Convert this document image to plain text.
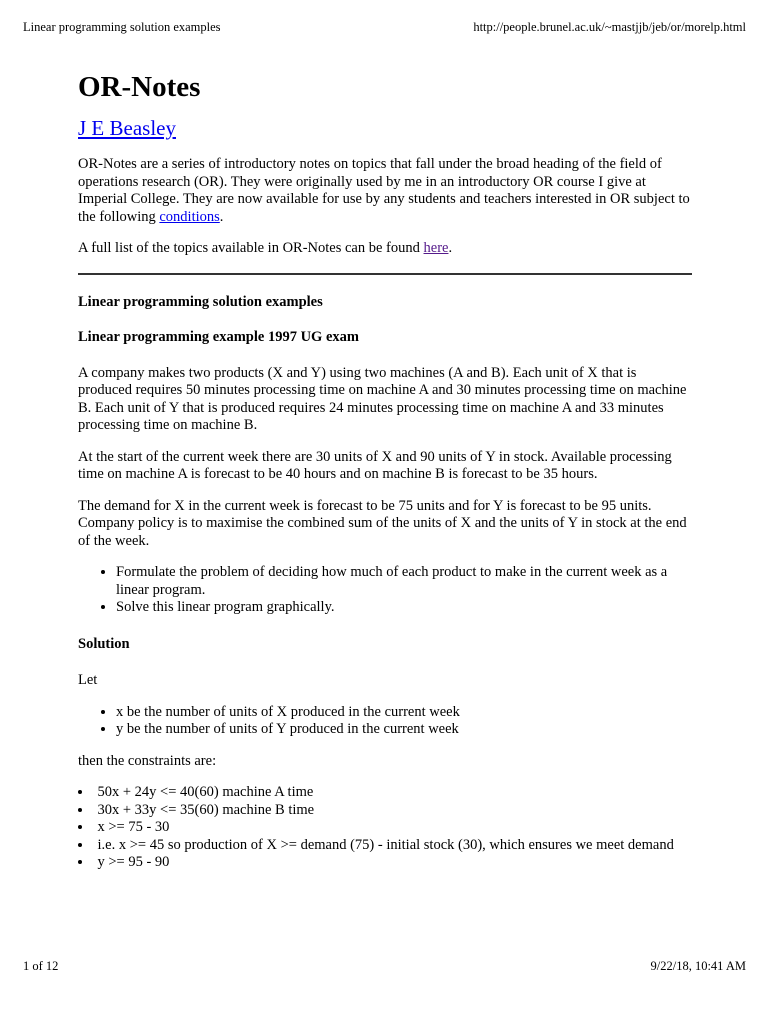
Linear programming solution examples	http://people.brunel.ac.uk/~mastjjb/jeb/or/morelp.html
OR-Notes
J E Beasley

OR-Notes are a series of introductory notes on topics that fall under the broad heading of the field of operations research (OR). They were originally used by me in an introductory OR course I give at Imperial College. They are now available for use by any students and teachers interested in OR subject to the following conditions.

A full list of the topics available in OR-Notes can be found here.

Linear programming solution examples

Linear programming example 1997 UG exam

A company makes two products (X and Y) using two machines (A and B). Each unit of X that is produced requires 50 minutes processing time on machine A and 30 minutes processing time on machine B. Each unit of Y that is produced requires 24 minutes processing time on machine A and 33 minutes processing time on machine B.

At the start of the current week there are 30 units of X and 90 units of Y in stock. Available processing time on machine A is forecast to be 40 hours and on machine B is forecast to be 35 hours.

The demand for X in the current week is forecast to be 75 units and for Y is forecast to be 95 units. Company policy is to maximise the combined sum of the units of X and the units of Y in stock at the end of the week.

• Formulate the problem of deciding how much of each product to make in the current week as a linear program.
• Solve this linear program graphically.

Solution

Let

• x be the number of units of X produced in the current week
• y be the number of units of Y produced in the current week

then the constraints are:

• 50x + 24y <= 40(60) machine A time
• 30x + 33y <= 35(60) machine B time
• x >= 75 - 30
• i.e. x >= 45 so production of X >= demand (75) - initial stock (30), which ensures we meet demand
• y >= 95 - 90
1 of 12	9/22/18, 10:41 AM
